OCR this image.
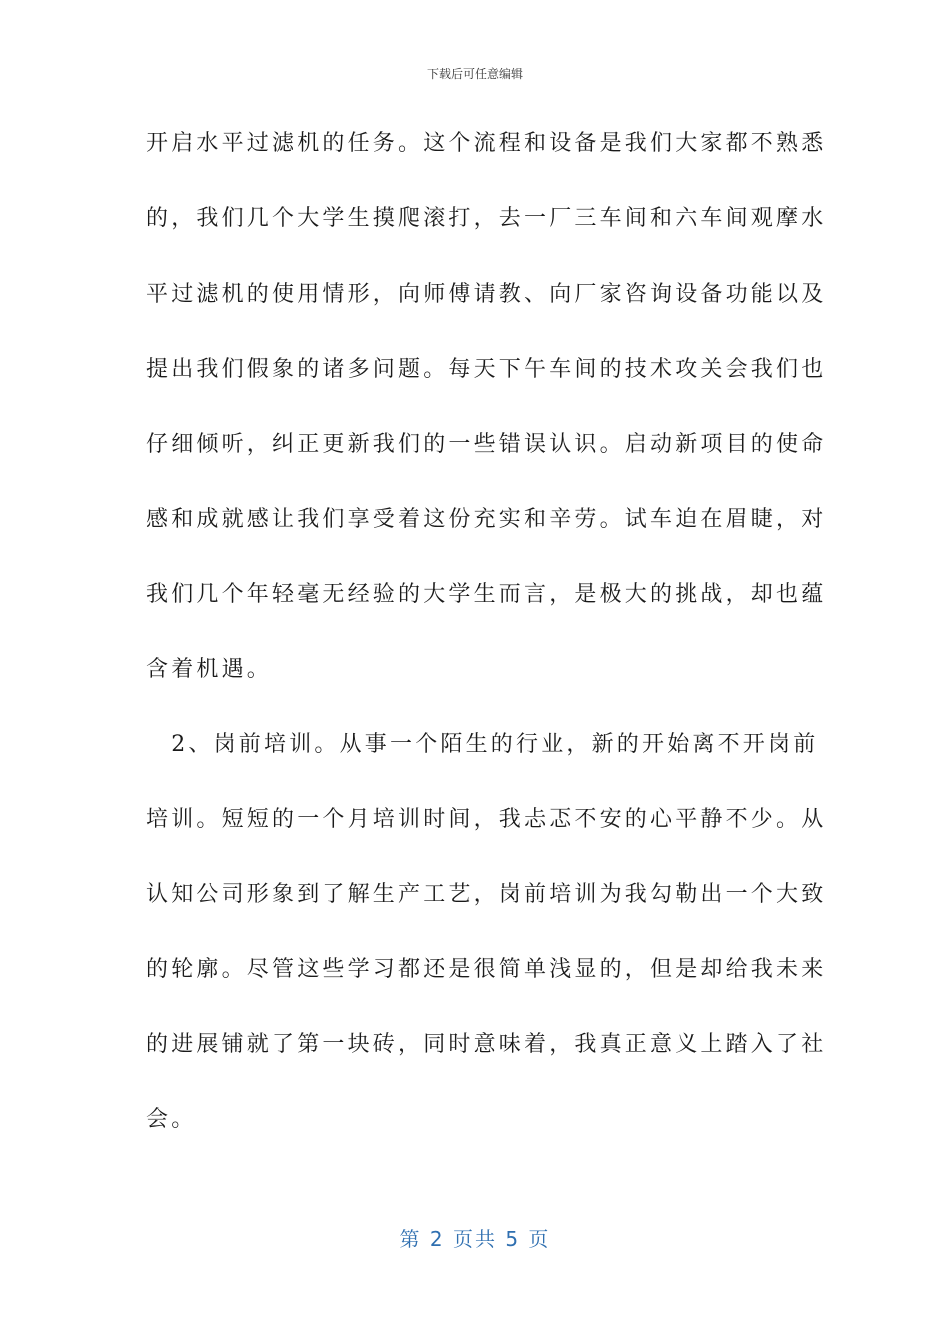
下载后可任意编辑
开启水平过滤机的任务。这个流程和设备是我们大家都不熟悉
的，我们几个大学生摸爬滚打，去一厂三车间和六车间观摩水
平过滤机的使用情形，向师傅请教、向厂家咨询设备功能以及
提出我们假象的诸多问题。每天下午车间的技术攻关会我们也
仔细倾听，纠正更新我们的一些错误认识。启动新项目的使命
感和成就感让我们享受着这份充实和辛劳。试车迫在眉睫，对
我们几个年轻毫无经验的大学生而言，是极大的挑战，却也蕴
含着机遇。
　2、岗前培训。从事一个陌生的行业，新的开始离不开岗前
培训。短短的一个月培训时间，我忐忑不安的心平静不少。从
认知公司形象到了解生产工艺，岗前培训为我勾勒出一个大致
的轮廓。尽管这些学习都还是很简单浅显的，但是却给我未来
的进展铺就了第一块砖，同时意味着，我真正意义上踏入了社
会。
第 2 页共 5 页
